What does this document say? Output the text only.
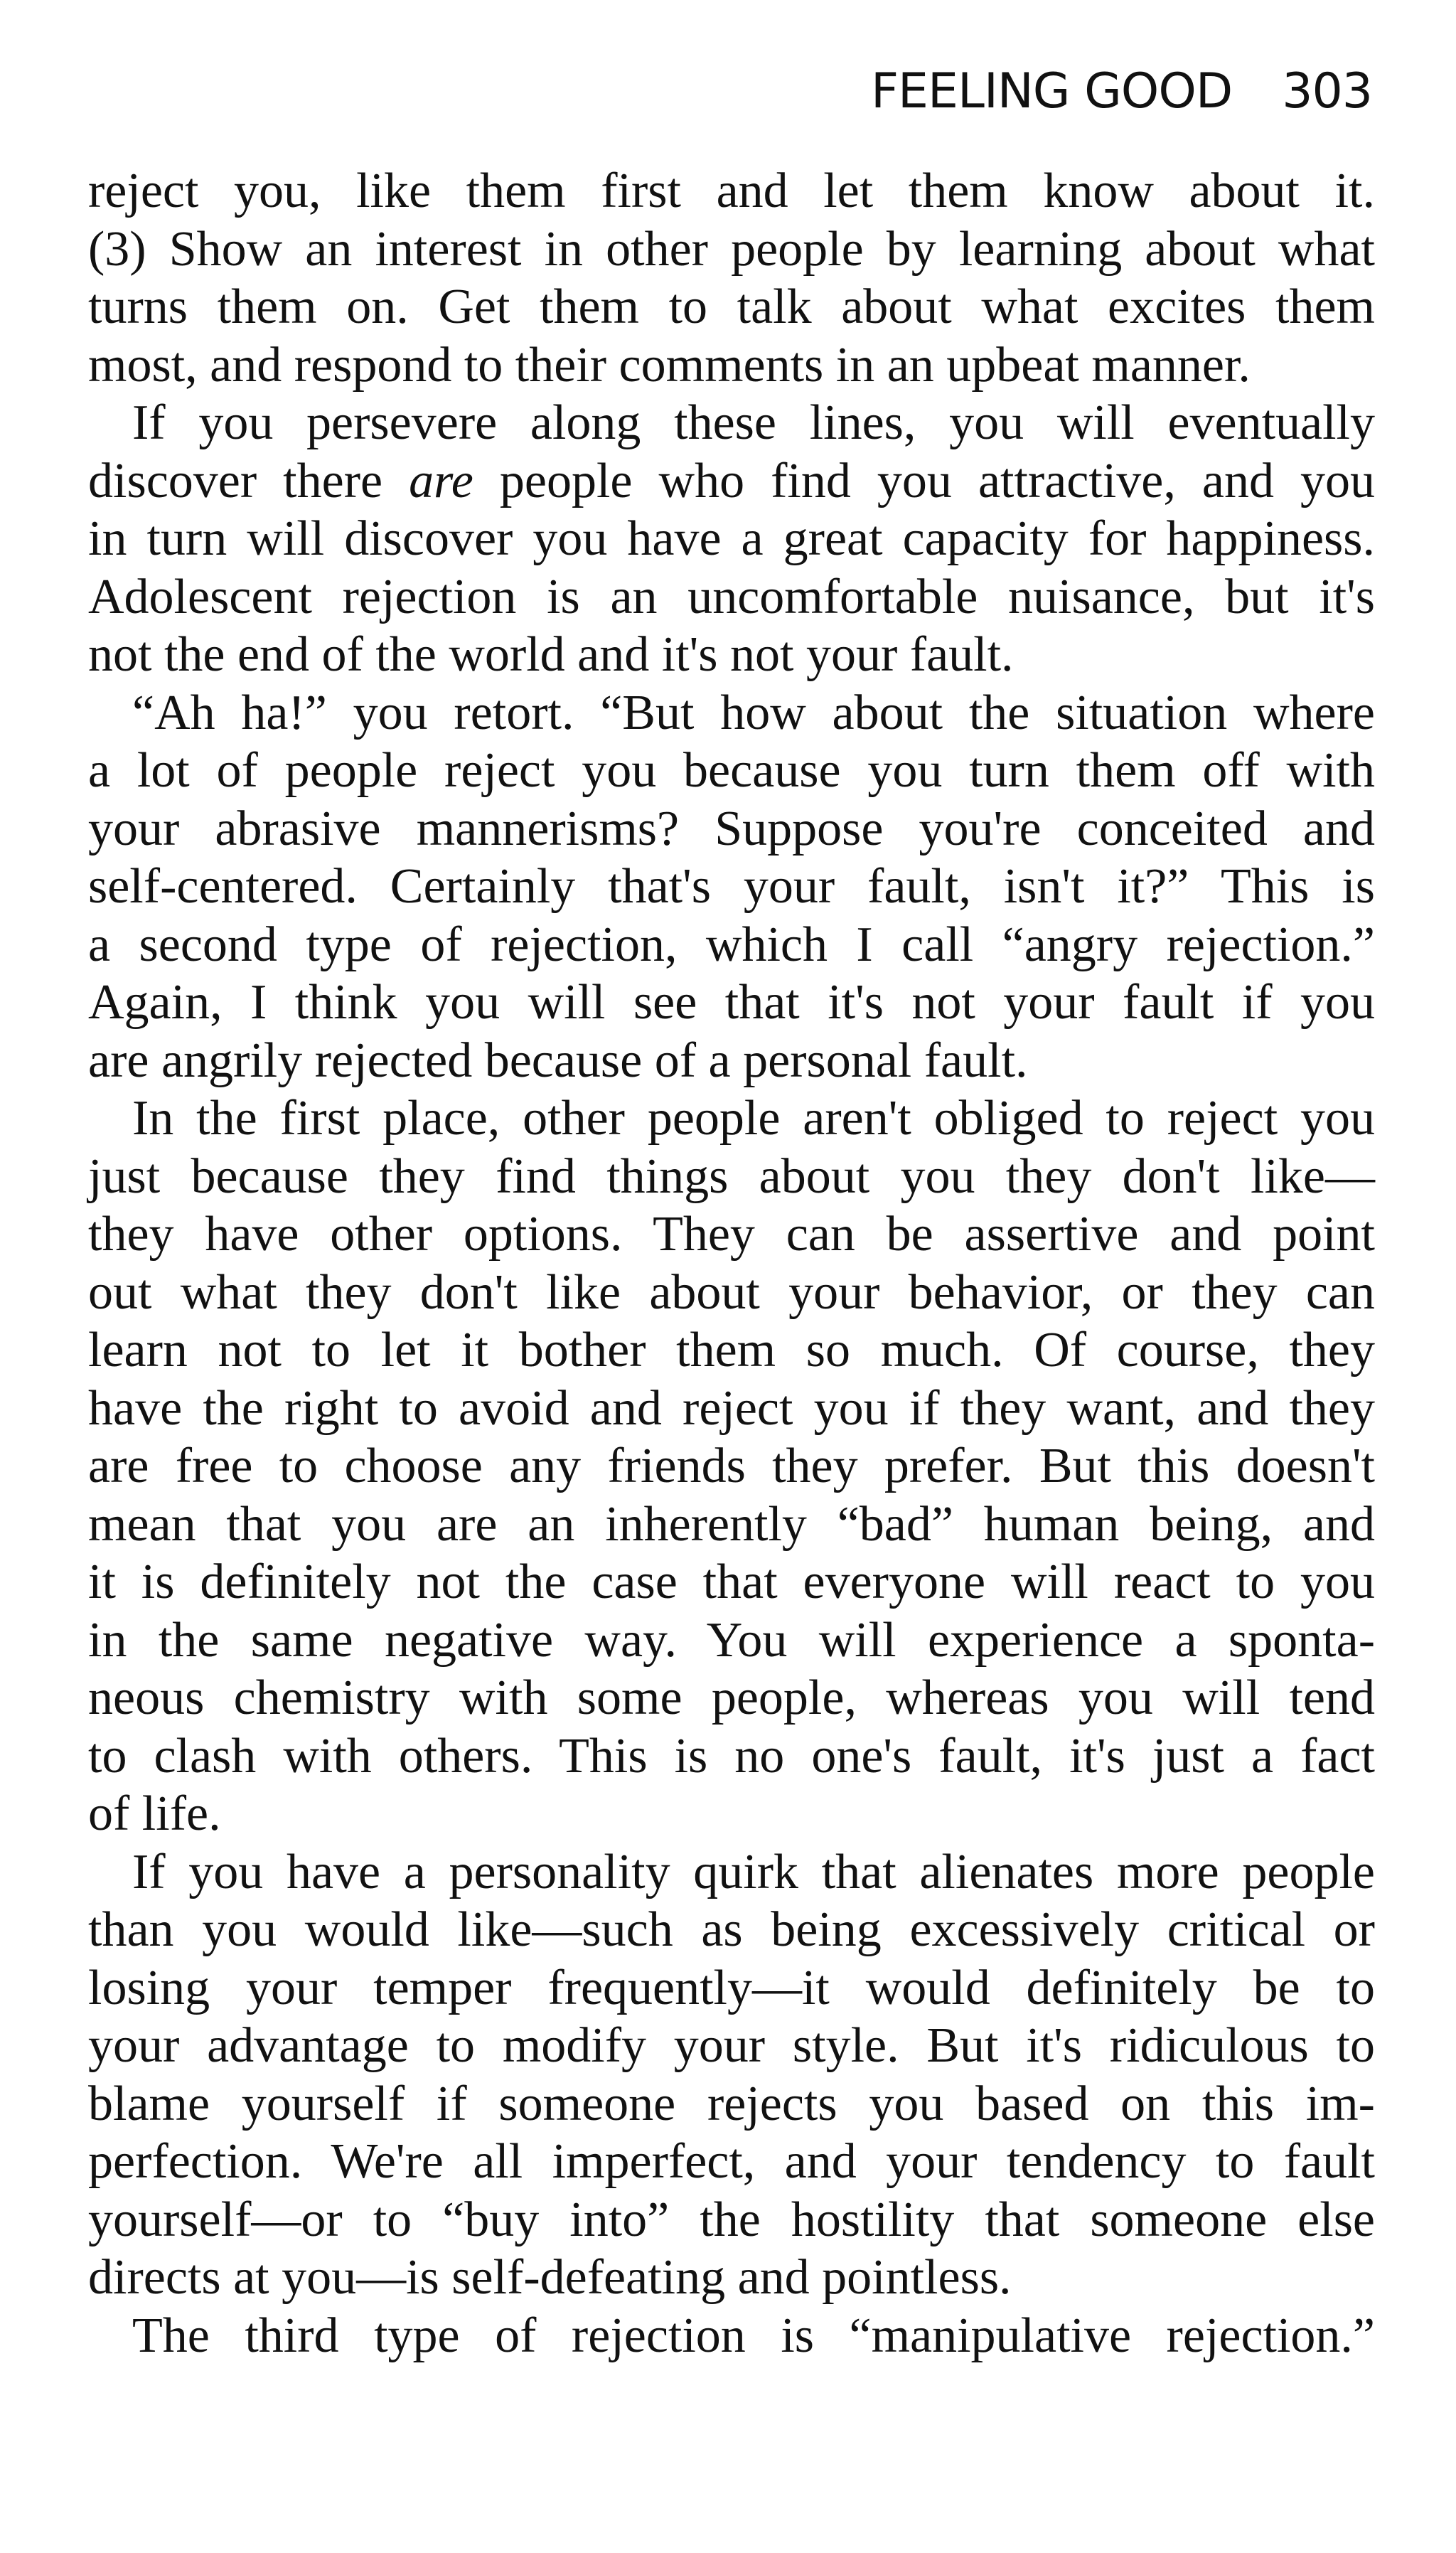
FEELING GOOD 303
reject you, like them first and let them know about it.
(3) Show an interest in other people by learning about what
turns them on. Get them to talk about what excites them
most, and respond to their comments in an upbeat manner.
If you persevere along these lines, you will eventually
discover there are people who find you attractive, and you
in turn will discover you have a great capacity for happiness.
Adolescent rejection is an uncomfortable nuisance, but it's
not the end of the world and it's not your fault.
“Ah ha!” you retort. “But how about the situation where
a lot of people reject you because you turn them off with
your abrasive mannerisms? Suppose you're conceited and
self-centered. Certainly that's your fault, isn't it?” This is
a second type of rejection, which I call “angry rejection.”
Again, I think you will see that it's not your fault if you
are angrily rejected because of a personal fault.
In the first place, other people aren't obliged to reject you
just because they find things about you they don't like—
they have other options. They can be assertive and point
out what they don't like about your behavior, or they can
learn not to let it bother them so much. Of course, they
have the right to avoid and reject you if they want, and they
are free to choose any friends they prefer. But this doesn't
mean that you are an inherently “bad” human being, and
it is definitely not the case that everyone will react to you
in the same negative way. You will experience a sponta-
neous chemistry with some people, whereas you will tend
to clash with others. This is no one's fault, it's just a fact
of life.
If you have a personality quirk that alienates more people
than you would like—such as being excessively critical or
losing your temper frequently—it would definitely be to
your advantage to modify your style. But it's ridiculous to
blame yourself if someone rejects you based on this im-
perfection. We're all imperfect, and your tendency to fault
yourself—or to “buy into” the hostility that someone else
directs at you—is self-defeating and pointless.
The third type of rejection is “manipulative rejection.”
